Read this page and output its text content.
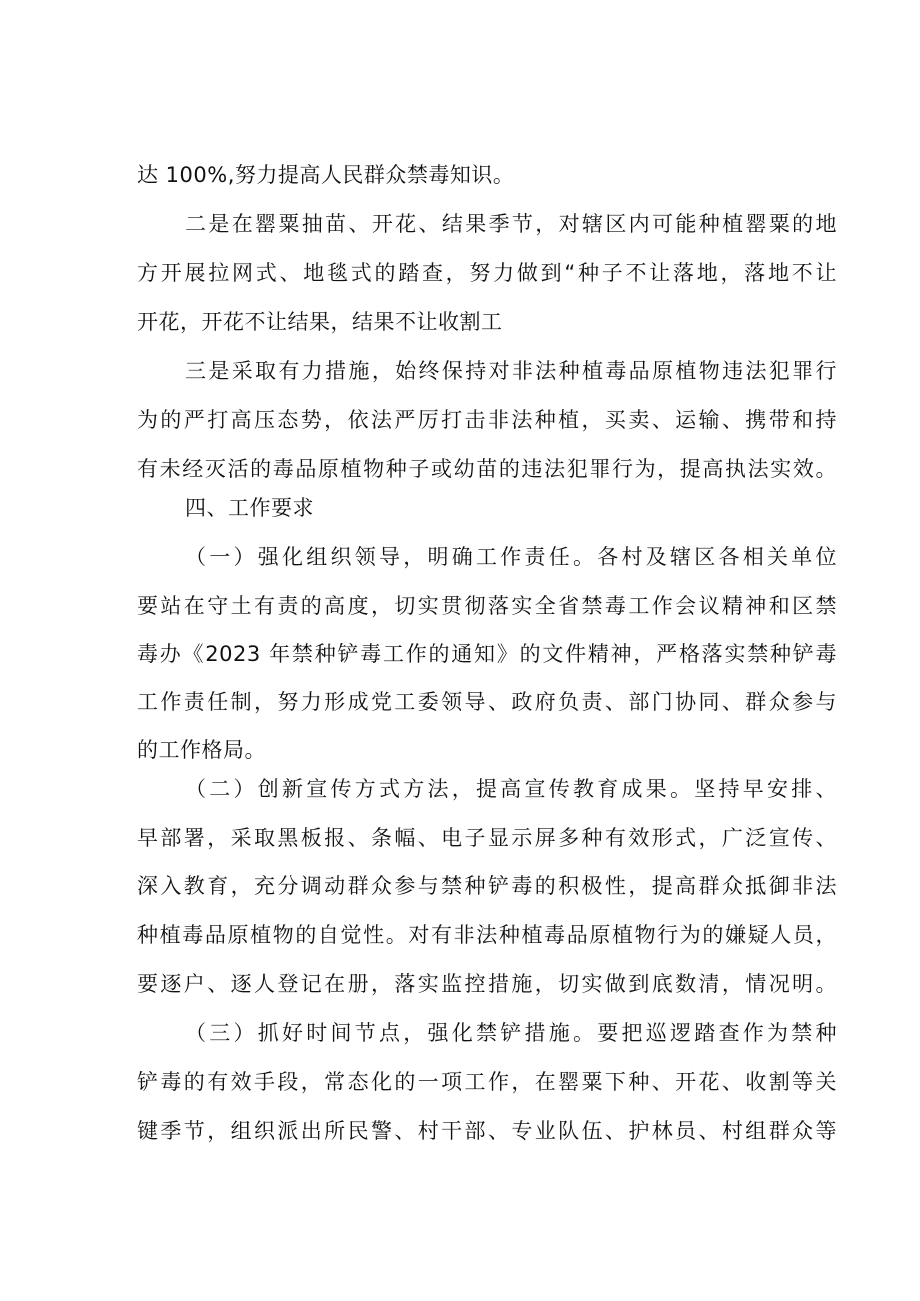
达 100%,努力提高人民群众禁毒知识。
二是在罂粟抽苗、开花、结果季节，对辖区内可能种植罂粟的地
方开展拉网式、地毯式的踏查，努力做到“种子不让落地，落地不让
开花，开花不让结果，结果不让收割工
三是采取有力措施，始终保持对非法种植毒品原植物违法犯罪行
为的严打高压态势，依法严厉打击非法种植，买卖、运输、携带和持
有未经灭活的毒品原植物种子或幼苗的违法犯罪行为，提高执法实效。
四、工作要求
（一）强化组织领导，明确工作责任。各村及辖区各相关单位
要站在守土有责的高度，切实贯彻落实全省禁毒工作会议精神和区禁
毒办《2023 年禁种铲毒工作的通知》的文件精神，严格落实禁种铲毒
工作责任制，努力形成党工委领导、政府负责、部门协同、群众参与
的工作格局。
（二）创新宣传方式方法，提高宣传教育成果。坚持早安排、
早部署，采取黑板报、条幅、电子显示屏多种有效形式，广泛宣传、
深入教育，充分调动群众参与禁种铲毒的积极性，提高群众抵御非法
种植毒品原植物的自觉性。对有非法种植毒品原植物行为的嫌疑人员，
要逐户、逐人登记在册，落实监控措施，切实做到底数清，情况明。
（三）抓好时间节点，强化禁铲措施。要把巡逻踏查作为禁种
铲毒的有效手段，常态化的一项工作，在罂粟下种、开花、收割等关
键季节，组织派出所民警、村干部、专业队伍、护林员、村组群众等
